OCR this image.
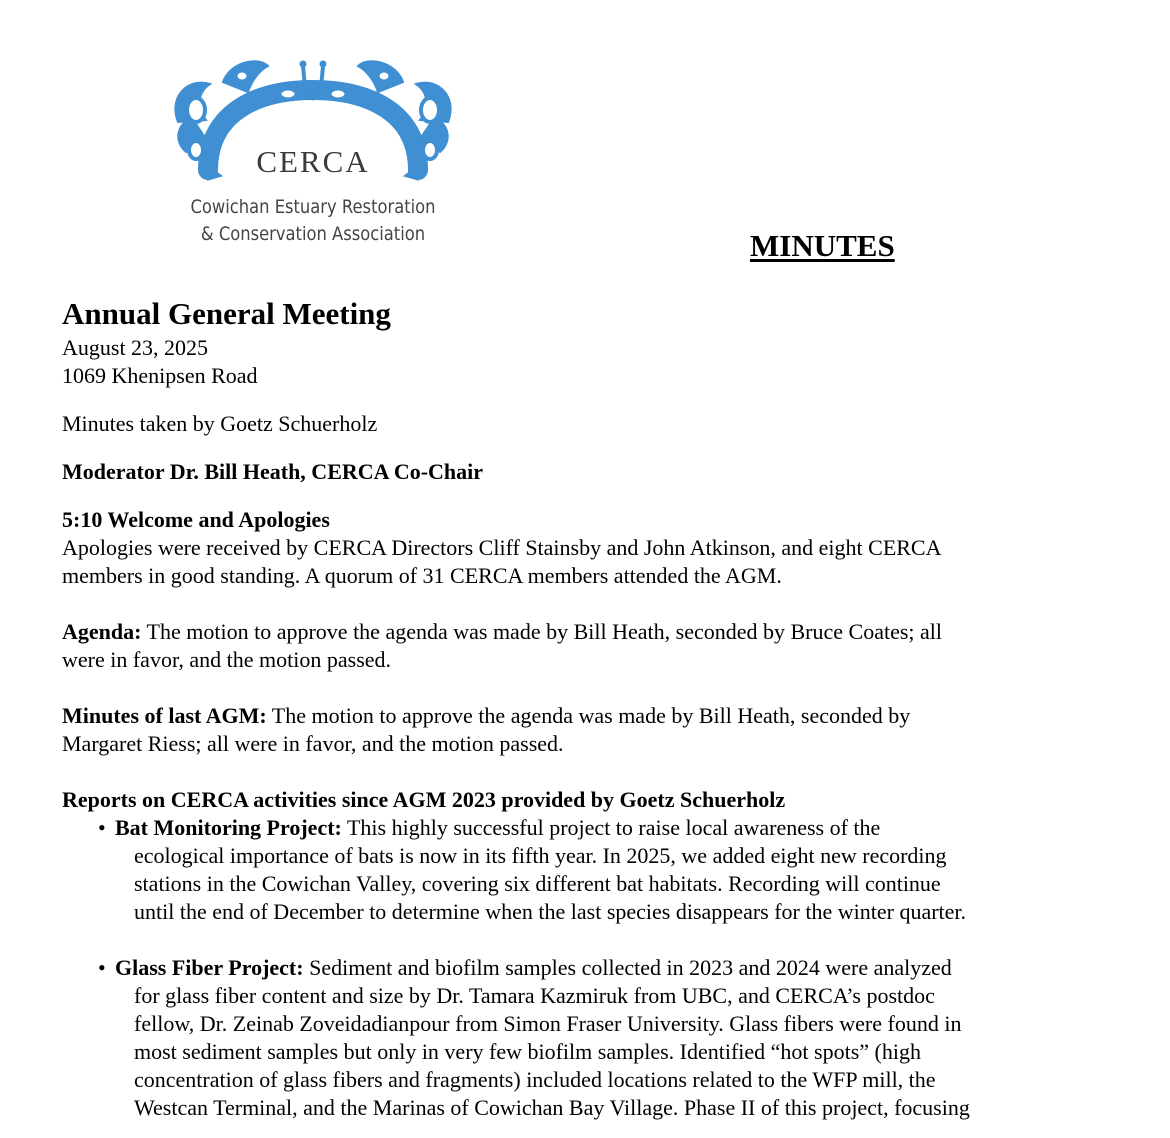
CERCA
Cowichan Estuary Restoration
& Conservation Association	MINUTES
Annual General Meeting
August 23, 2025
1069 Khenipsen Road
Minutes taken by Goetz Schuerholz
Moderator Dr. Bill Heath, CERCA Co-Chair
5:10 Welcome and Apologies
Apologies were received by CERCA Directors Cliff Stainsby and John Atkinson, and eight CERCA
members in good standing. A quorum of 31 CERCA members attended the AGM.
Agenda: The motion to approve the agenda was made by Bill Heath, seconded by Bruce Coates; all
were in favor, and the motion passed.
Minutes of last AGM: The motion to approve the agenda was made by Bill Heath, seconded by
Margaret Riess; all were in favor, and the motion passed.
Reports on CERCA activities since AGM 2023 provided by Goetz Schuerholz
• Bat Monitoring Project: This highly successful project to raise local awareness of the
ecological importance of bats is now in its fifth year. In 2025, we added eight new recording
stations in the Cowichan Valley, covering six different bat habitats. Recording will continue
until the end of December to determine when the last species disappears for the winter quarter.
• Glass Fiber Project: Sediment and biofilm samples collected in 2023 and 2024 were analyzed
for glass fiber content and size by Dr. Tamara Kazmiruk from UBC, and CERCA’s postdoc
fellow, Dr. Zeinab Zoveidadianpour from Simon Fraser University. Glass fibers were found in
most sediment samples but only in very few biofilm samples. Identified “hot spots” (high
concentration of glass fibers and fragments) included locations related to the WFP mill, the
Westcan Terminal, and the Marinas of Cowichan Bay Village. Phase II of this project, focusing
